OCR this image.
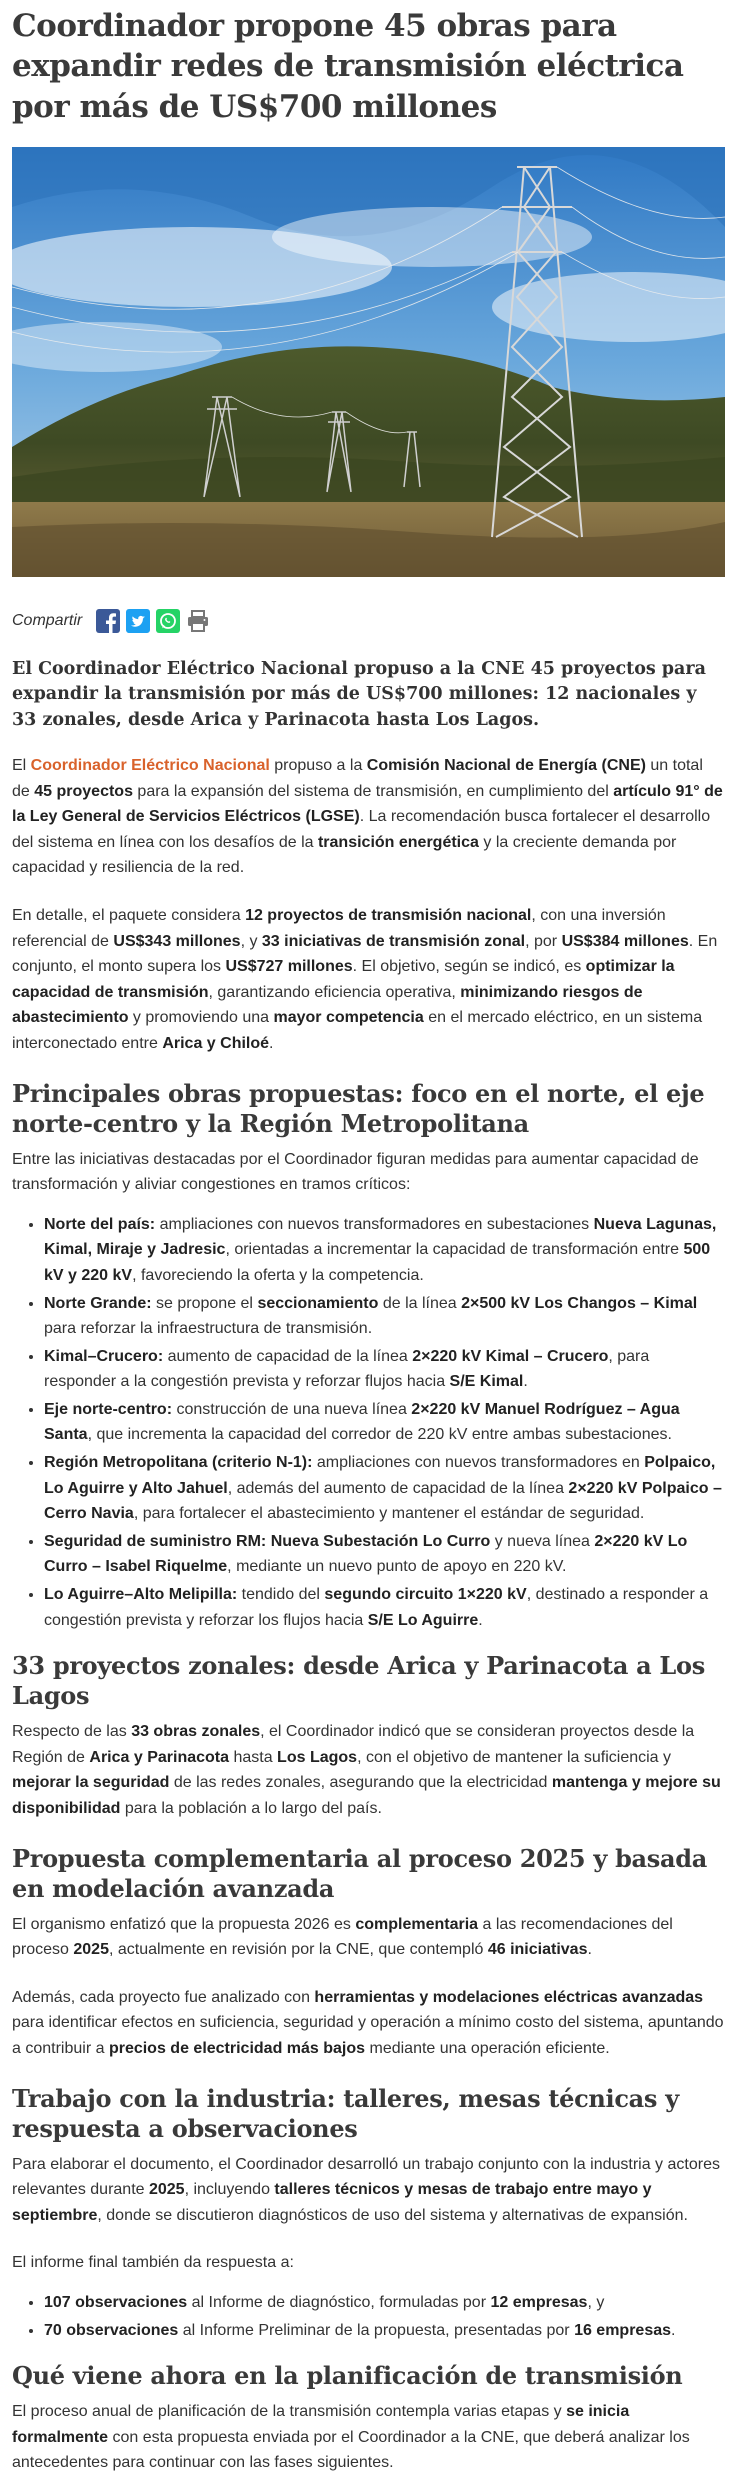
Coordinador propone 45 obras para expandir redes de transmisión eléctrica por más de US$700 millones
Compartir

El Coordinador Eléctrico Nacional propuso a la CNE 45 proyectos para expandir la transmisión por más de US$700 millones: 12 nacionales y 33 zonales, desde Arica y Parinacota hasta Los Lagos.

El Coordinador Eléctrico Nacional propuso a la Comisión Nacional de Energía (CNE) un total de 45 proyectos para la expansión del sistema de transmisión, en cumplimiento del artículo 91° de la Ley General de Servicios Eléctricos (LGSE). La recomendación busca fortalecer el desarrollo del sistema en línea con los desafíos de la transición energética y la creciente demanda por capacidad y resiliencia de la red.

En detalle, el paquete considera 12 proyectos de transmisión nacional, con una inversión referencial de US$343 millones, y 33 iniciativas de transmisión zonal, por US$384 millones. En conjunto, el monto supera los US$727 millones. El objetivo, según se indicó, es optimizar la capacidad de transmisión, garantizando eficiencia operativa, minimizando riesgos de abastecimiento y promoviendo una mayor competencia en el mercado eléctrico, en un sistema interconectado entre Arica y Chiloé.

Principales obras propuestas: foco en el norte, el eje norte-centro y la Región Metropolitana

Entre las iniciativas destacadas por el Coordinador figuran medidas para aumentar capacidad de transformación y aliviar congestiones en tramos críticos:

• Norte del país: ampliaciones con nuevos transformadores en subestaciones Nueva Lagunas, Kimal, Miraje y Jadresic, orientadas a incrementar la capacidad de transformación entre 500 kV y 220 kV, favoreciendo la oferta y la competencia.
• Norte Grande: se propone el seccionamiento de la línea 2×500 kV Los Changos – Kimal para reforzar la infraestructura de transmisión.
• Kimal–Crucero: aumento de capacidad de la línea 2×220 kV Kimal – Crucero, para responder a la congestión prevista y reforzar flujos hacia S/E Kimal.
• Eje norte-centro: construcción de una nueva línea 2×220 kV Manuel Rodríguez – Agua Santa, que incrementa la capacidad del corredor de 220 kV entre ambas subestaciones.
• Región Metropolitana (criterio N-1): ampliaciones con nuevos transformadores en Polpaico, Lo Aguirre y Alto Jahuel, además del aumento de capacidad de la línea 2×220 kV Polpaico – Cerro Navia, para fortalecer el abastecimiento y mantener el estándar de seguridad.
• Seguridad de suministro RM: Nueva Subestación Lo Curro y nueva línea 2×220 kV Lo Curro – Isabel Riquelme, mediante un nuevo punto de apoyo en 220 kV.
• Lo Aguirre–Alto Melipilla: tendido del segundo circuito 1×220 kV, destinado a responder a congestión prevista y reforzar los flujos hacia S/E Lo Aguirre.
33 proyectos zonales: desde Arica y Parinacota a Los Lagos

Respecto de las 33 obras zonales, el Coordinador indicó que se consideran proyectos desde la Región de Arica y Parinacota hasta Los Lagos, con el objetivo de mantener la suficiencia y mejorar la seguridad de las redes zonales, asegurando que la electricidad mantenga y mejore su disponibilidad para la población a lo largo del país.

Propuesta complementaria al proceso 2025 y basada en modelación avanzada

El organismo enfatizó que la propuesta 2026 es complementaria a las recomendaciones del proceso 2025, actualmente en revisión por la CNE, que contempló 46 iniciativas.

Además, cada proyecto fue analizado con herramientas y modelaciones eléctricas avanzadas para identificar efectos en suficiencia, seguridad y operación a mínimo costo del sistema, apuntando a contribuir a precios de electricidad más bajos mediante una operación eficiente.

Trabajo con la industria: talleres, mesas técnicas y respuesta a observaciones

Para elaborar el documento, el Coordinador desarrolló un trabajo conjunto con la industria y actores relevantes durante 2025, incluyendo talleres técnicos y mesas de trabajo entre mayo y septiembre, donde se discutieron diagnósticos de uso del sistema y alternativas de expansión.

El informe final también da respuesta a:

• 107 observaciones al Informe de diagnóstico, formuladas por 12 empresas, y
• 70 observaciones al Informe Preliminar de la propuesta, presentadas por 16 empresas.
Qué viene ahora en la planificación de transmisión

El proceso anual de planificación de la transmisión contempla varias etapas y se inicia formalmente con esta propuesta enviada por el Coordinador a la CNE, que deberá analizar los antecedentes para continuar con las fases siguientes.
